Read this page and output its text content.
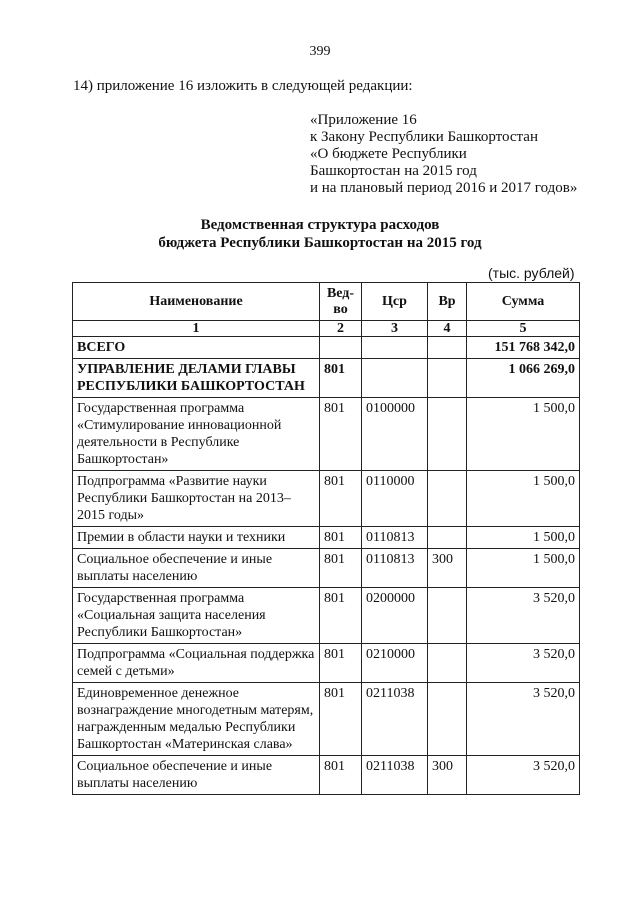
399
14) приложение 16 изложить в следующей редакции:
«Приложение 16
к Закону Республики Башкортостан
«О бюджете Республики
Башкортостан на 2015 год
и на плановый период 2016 и 2017 годов»
Ведомственная структура расходов
бюджета Республики Башкортостан на 2015 год
(тыс. рублей)
Наименование	Вед-во	Цср	Вр	Сумма
1	2	3	4	5
ВСЕГО				151 768 342,0
УПРАВЛЕНИЕ ДЕЛАМИ ГЛАВЫ РЕСПУБЛИКИ БАШКОРТОСТАН	801			1 066 269,0
Государственная программа «Стимулирование инновационной деятельности в Республике Башкортостан»	801	0100000		1 500,0
Подпрограмма «Развитие науки Республики Башкортостан на 2013–2015 годы»	801	0110000		1 500,0
Премии в области науки и техники	801	0110813		1 500,0
Социальное обеспечение и иные выплаты населению	801	0110813	300	1 500,0
Государственная программа «Социальная защита населения Республики Башкортостан»	801	0200000		3 520,0
Подпрограмма «Социальная поддержка семей с детьми»	801	0210000		3 520,0
Единовременное денежное вознаграждение многодетным матерям, награжденным медалью Республики Башкортостан «Материнская слава»	801	0211038		3 520,0
Социальное обеспечение и иные выплаты населению	801	0211038	300	3 520,0
